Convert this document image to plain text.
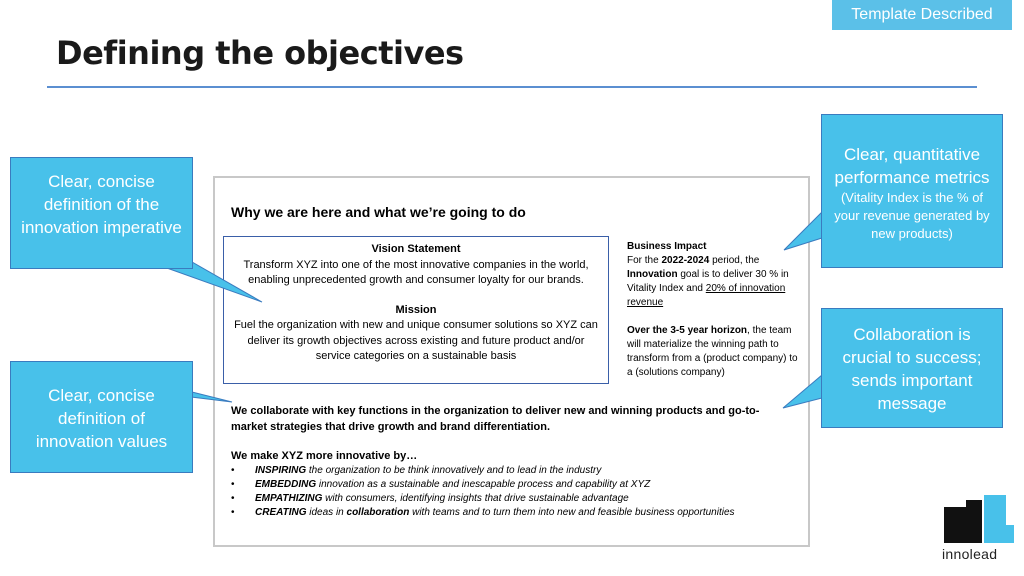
Template Described
Defining the objectives
Why we are here and what we’re going to do
Vision Statement
Transform XYZ into one of the most innovative companies in the world, enabling unprecedented growth and consumer loyalty for our brands.
Mission
Fuel the organization with new and unique consumer solutions so XYZ can deliver its growth objectives across existing and future product and/or service categories on a sustainable basis
Business Impact
For the 2022-2024 period, the Innovation goal is to deliver 30 % in Vitality Index and 20% of innovation revenue
Over the 3-5 year horizon, the team will materialize the winning path to transform from a (product company) to a (solutions company)
We collaborate with key functions in the organization to deliver new and winning products and go-to-market strategies that drive growth and brand differentiation.
We make XYZ more innovative by…
• INSPIRING the organization to be think innovatively and to lead in the industry
• EMBEDDING innovation as a sustainable and inescapable process and capability at XYZ
• EMPATHIZING with consumers, identifying insights that drive sustainable advantage
• CREATING ideas in collaboration with teams and to turn them into new and feasible business opportunities
Clear, concise definition of the innovation imperative
Clear, concise definition of innovation values
Clear, quantitative performance metrics
(Vitality Index is the % of your revenue generated by new products)
Collaboration is crucial to success; sends important message
innolead
